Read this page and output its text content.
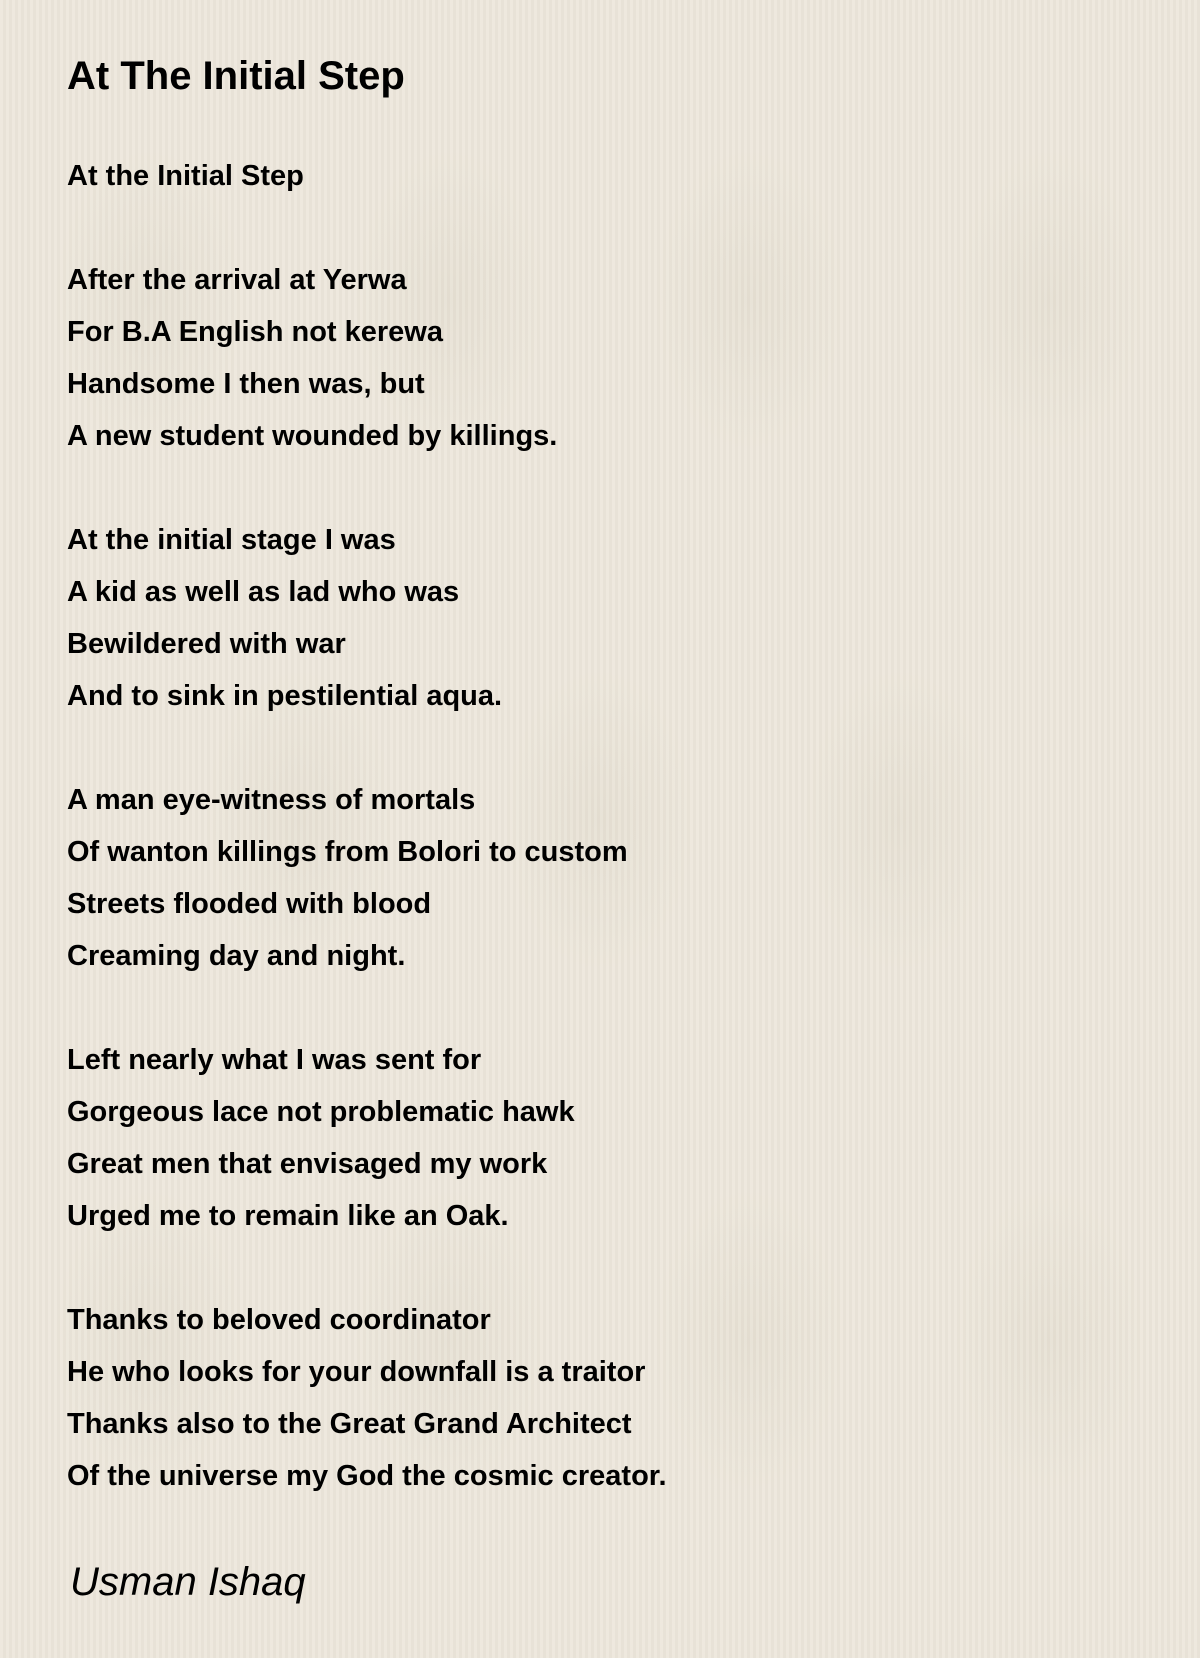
At The Initial Step
At the Initial Step
After the arrival at Yerwa
For B.A English not kerewa
Handsome I then was, but
A new student wounded by killings.
At the initial stage I was
A kid as well as lad who was
Bewildered with war
And to sink in pestilential aqua.
A man eye-witness of mortals
Of wanton killings from Bolori to custom
Streets flooded with blood
Creaming day and night.
Left nearly what I was sent for
Gorgeous lace not problematic hawk
Great men that envisaged my work
Urged me to remain like an Oak.
Thanks to beloved coordinator
He who looks for your downfall is a traitor
Thanks also to the Great Grand Architect
Of the universe my God the cosmic creator.
Usman Ishaq
